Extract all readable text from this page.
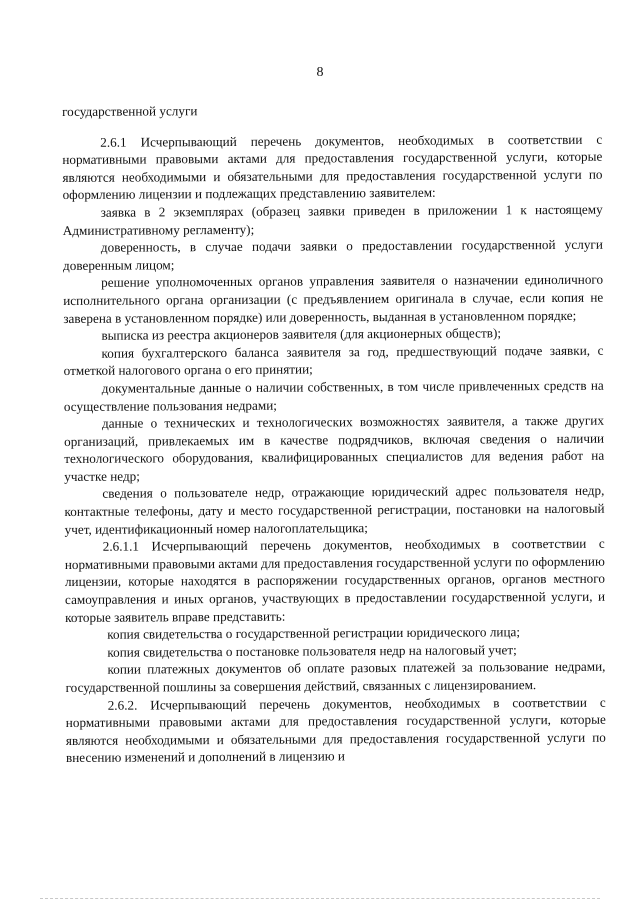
8

государственной услуги

2.6.1 Исчерпывающий перечень документов, необходимых в соответствии с нормативными правовыми актами для предоставления государственной услуги, которые являются необходимыми и обязательными для предоставления государственной услуги по оформлению лицензии и подлежащих представлению заявителем:

заявка в 2 экземплярах (образец заявки приведен в приложении 1 к настоящему Административному регламенту);

доверенность, в случае подачи заявки о предоставлении государственной услуги доверенным лицом;

решение уполномоченных органов управления заявителя о назначении единоличного исполнительного органа организации (с предъявлением оригинала в случае, если копия не заверена в установленном порядке) или доверенность, выданная в установленном порядке;

выписка из реестра акционеров заявителя (для акционерных обществ);

копия бухгалтерского баланса заявителя за год, предшествующий подаче заявки, с отметкой налогового органа о его принятии;

документальные данные о наличии собственных, в том числе привлеченных средств на осуществление пользования недрами;

данные о технических и технологических возможностях заявителя, а также других организаций, привлекаемых им в качестве подрядчиков, включая сведения о наличии технологического оборудования, квалифицированных специалистов для ведения работ на участке недр;

сведения о пользователе недр, отражающие юридический адрес пользователя недр, контактные телефоны, дату и место государственной регистрации, постановки на налоговый учет, идентификационный номер налогоплательщика;

2.6.1.1 Исчерпывающий перечень документов, необходимых в соответствии с нормативными правовыми актами для предоставления государственной услуги по оформлению лицензии, которые находятся в распоряжении государственных органов, органов местного самоуправления и иных органов, участвующих в предоставлении государственной услуги, и которые заявитель вправе представить:

копия свидетельства о государственной регистрации юридического лица;

копия свидетельства о постановке пользователя недр на налоговый учет;

копии платежных документов об оплате разовых платежей за пользование недрами, государственной пошлины за совершения действий, связанных с лицензированием.

2.6.2. Исчерпывающий перечень документов, необходимых в соответствии с нормативными правовыми актами для предоставления государственной услуги, которые являются необходимыми и обязательными для предоставления государственной услуги по внесению изменений и дополнений в лицензию и
